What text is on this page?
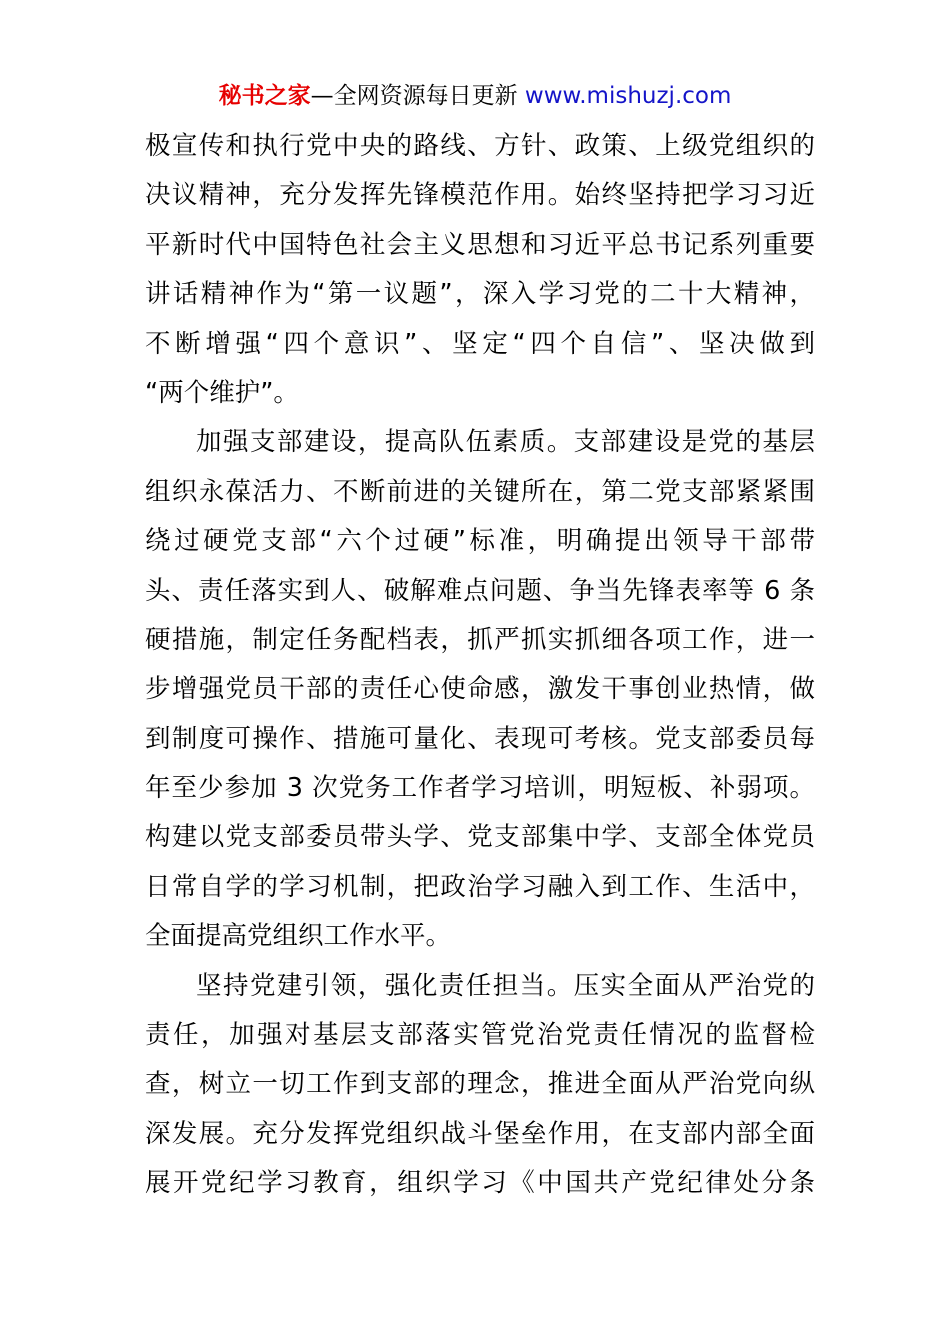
秘书之家—全网资源每日更新 www.mishuzj.com
极宣传和执行党中央的路线、方针、政策、上级党组织的
决议精神，充分发挥先锋模范作用。始终坚持把学习习近
平新时代中国特色社会主义思想和习近平总书记系列重要
讲话精神作为“第一议题”，深入学习党的二十大精神，
不断增强“四个意识”、坚定“四个自信”、坚决做到
“两个维护”。
加强支部建设，提高队伍素质。支部建设是党的基层
组织永葆活力、不断前进的关键所在，第二党支部紧紧围
绕过硬党支部“六个过硬”标准，明确提出领导干部带
头、责任落实到人、破解难点问题、争当先锋表率等 6 条
硬措施，制定任务配档表，抓严抓实抓细各项工作，进一
步增强党员干部的责任心使命感，激发干事创业热情，做
到制度可操作、措施可量化、表现可考核。党支部委员每
年至少参加 3 次党务工作者学习培训，明短板、补弱项。
构建以党支部委员带头学、党支部集中学、支部全体党员
日常自学的学习机制，把政治学习融入到工作、生活中，
全面提高党组织工作水平。
坚持党建引领，强化责任担当。压实全面从严治党的
责任，加强对基层支部落实管党治党责任情况的监督检
查，树立一切工作到支部的理念，推进全面从严治党向纵
深发展。充分发挥党组织战斗堡垒作用，在支部内部全面
展开党纪学习教育，组织学习《中国共产党纪律处分条
